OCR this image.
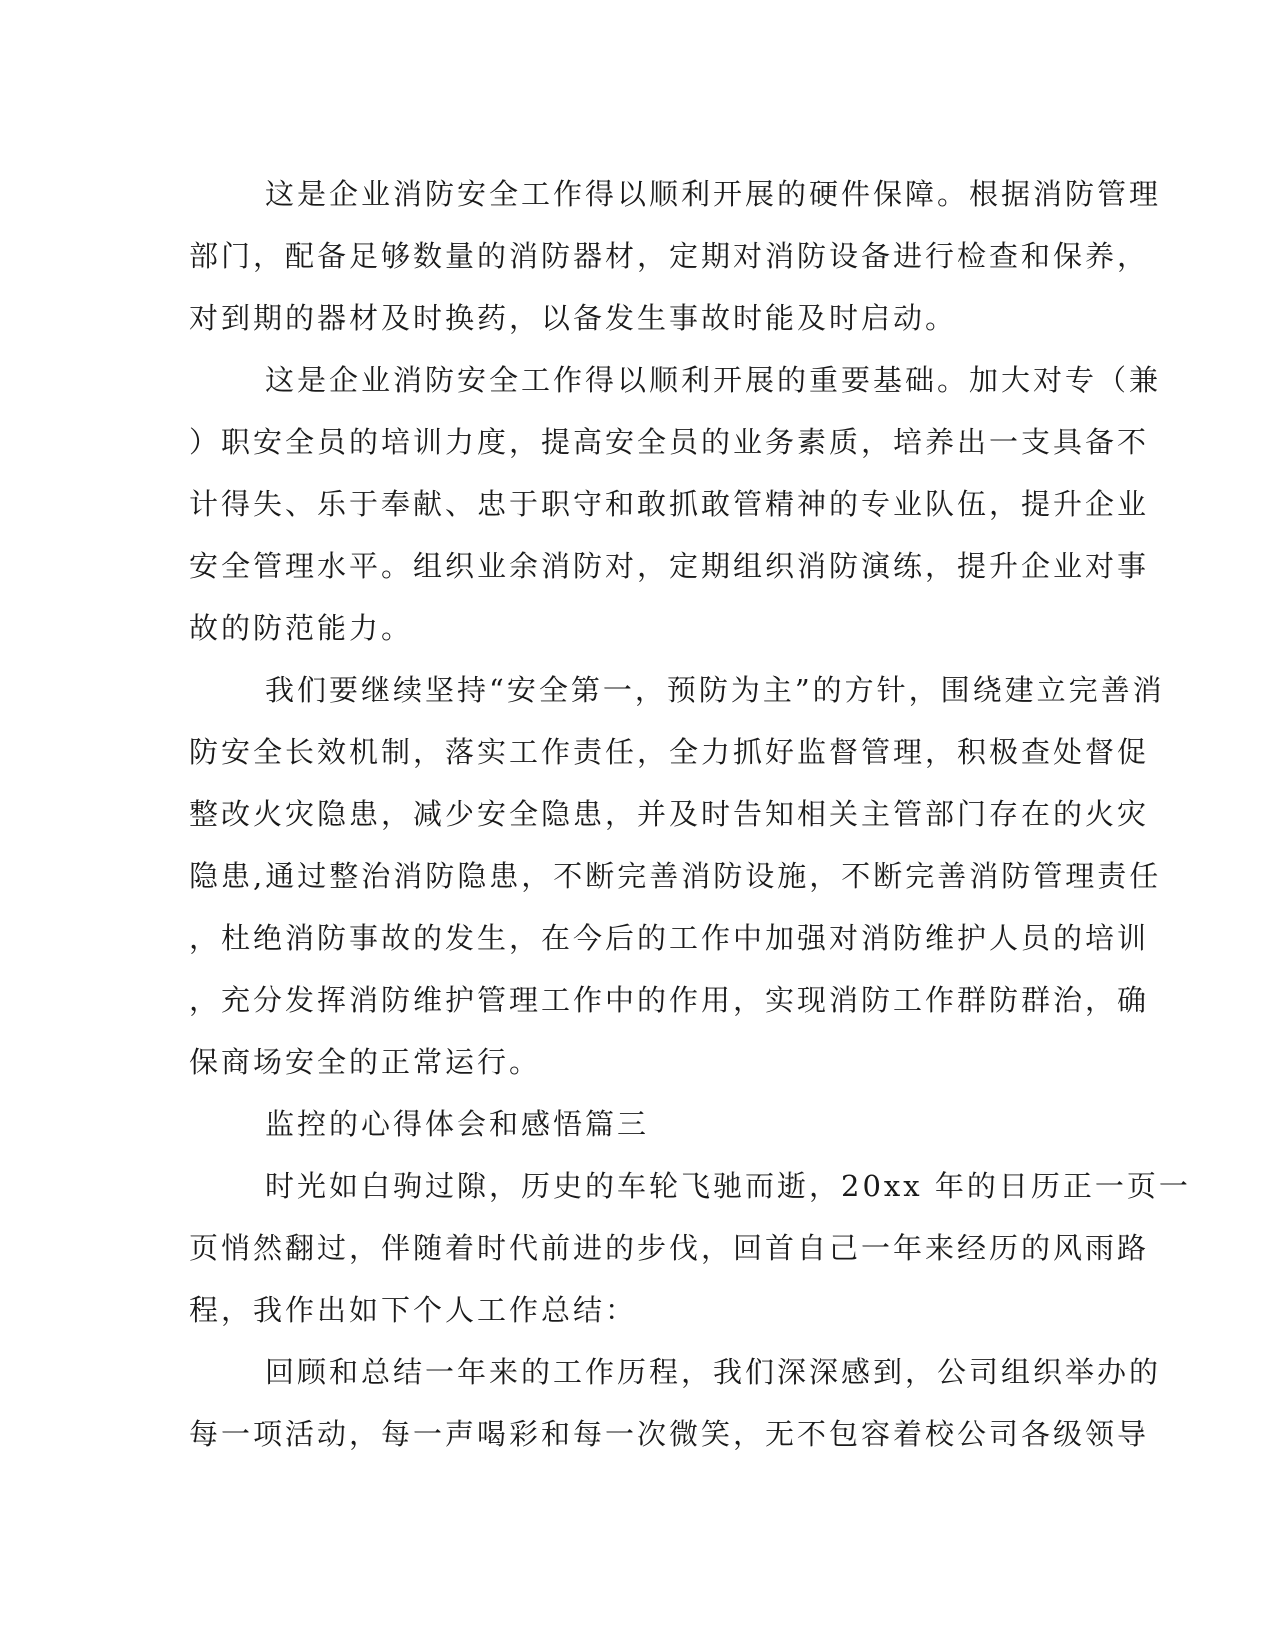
这是企业消防安全工作得以顺利开展的硬件保障。根据消防管理
部门，配备足够数量的消防器材，定期对消防设备进行检查和保养，
对到期的器材及时换药，以备发生事故时能及时启动。
这是企业消防安全工作得以顺利开展的重要基础。加大对专（兼
）职安全员的培训力度，提高安全员的业务素质，培养出一支具备不
计得失、乐于奉献、忠于职守和敢抓敢管精神的专业队伍，提升企业
安全管理水平。组织业余消防对，定期组织消防演练，提升企业对事
故的防范能力。
我们要继续坚持“安全第一，预防为主”的方针，围绕建立完善消
防安全长效机制，落实工作责任，全力抓好监督管理，积极查处督促
整改火灾隐患，减少安全隐患，并及时告知相关主管部门存在的火灾
隐患,通过整治消防隐患，不断完善消防设施，不断完善消防管理责任
，杜绝消防事故的发生，在今后的工作中加强对消防维护人员的培训
，充分发挥消防维护管理工作中的作用，实现消防工作群防群治，确
保商场安全的正常运行。
监控的心得体会和感悟篇三
时光如白驹过隙，历史的车轮飞驰而逝，20xx 年的日历正一页一
页悄然翻过，伴随着时代前进的步伐，回首自己一年来经历的风雨路
程，我作出如下个人工作总结：
回顾和总结一年来的工作历程，我们深深感到，公司组织举办的
每一项活动，每一声喝彩和每一次微笑，无不包容着校公司各级领导
